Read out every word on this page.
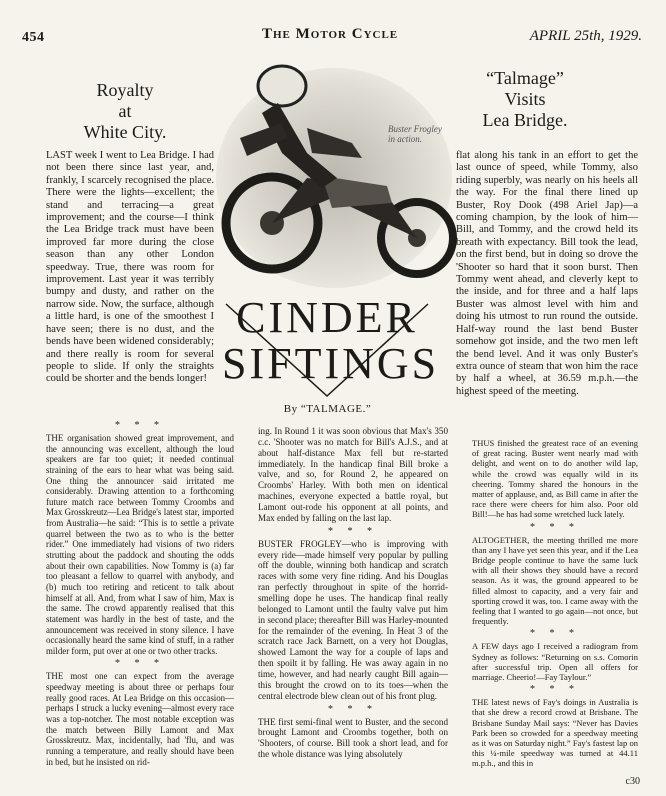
454	The Motor Cycle	APRIL 25th, 1929.
Royalty
at
White City.
“Talmage”
Visits
Lea Bridge.
Buster Frogley
in action.
CINDER
SIFTINGS
By “TALMAGE.”

LAST week I went to Lea Bridge. I had not been there since last year, and, frankly, I scarcely recognised the place. There were the lights—excellent; the stand and terracing—a great improvement; and the course—I think the Lea Bridge track must have been improved far more during the close season than any other London speedway. True, there was room for improvement. Last year it was terribly bumpy and dusty, and rather on the narrow side. Now, the surface, although a little hard, is one of the smoothest I have seen; there is no dust, and the bends have been widened considerably; and there really is room for several people to slide. If only the straights could be shorter and the bends longer!

* * *

THE organisation showed great improvement, and the announcing was excellent, although the loud speakers are far too quiet; it needed continual straining of the ears to hear what was being said. One thing the announcer said irritated me considerably. Drawing attention to a forthcoming future match race between Tommy Croombs and Max Grosskreutz—Lea Bridge's latest star, imported from Australia—he said: “This is to settle a private quarrel between the two as to who is the better rider.” One immediately had visions of two riders strutting about the paddock and shouting the odds about their own capabilities. Now Tommy is (a) far too pleasant a fellow to quarrel with anybody, and (b) much too retiring and reticent to talk about himself at all. And, from what I saw of him, Max is the same. The crowd apparently realised that this statement was hardly in the best of taste, and the announcement was received in stony silence. I have occasionally heard the same kind of stuff, in a rather milder form, put over at one or two other tracks.

* * *

THE most one can expect from the average speedway meeting is about three or perhaps four really good races. At Lea Bridge on this occasion—perhaps I struck a lucky evening—almost every race was a top-notcher. The most notable exception was the match between Billy Lamont and Max Grosskreutz. Max, incidentally, had 'flu, and was running a temperature, and really should have been in bed, but he insisted on rid-

ing. In Round 1 it was soon obvious that Max's 350 c.c. 'Shooter was no match for Bill's A.J.S., and at about half-distance Max fell but re-started immediately. In the handicap final Bill broke a valve, and so, for Round 2, he appeared on Croombs' Harley. With both men on identical machines, everyone expected a battle royal, but Lamont out-rode his opponent at all points, and Max ended by falling on the last lap.

* * *

BUSTER FROGLEY—who is improving with every ride—made himself very popular by pulling off the double, winning both handicap and scratch races with some very fine riding. And his Douglas ran perfectly throughout in spite of the horrid-smelling dope he uses. The handicap final really belonged to Lamont until the faulty valve put him in second place; thereafter Bill was Harley-mounted for the remainder of the evening. In Heat 3 of the scratch race Jack Barnett, on a very hot Douglas, showed Lamont the way for a couple of laps and then spoilt it by falling. He was away again in no time, however, and had nearly caught Bill again—this brought the crowd on to its toes—when the central electrode blew clean out of his front plug.

* * *

THE first semi-final went to Buster, and the second brought Lamont and Croombs together, both on 'Shooters, of course. Bill took a short lead, and for the whole distance was lying absolutely

flat along his tank in an effort to get the last ounce of speed, while Tommy, also riding superbly, was nearly on his heels all the way. For the final there lined up Buster, Roy Dook (498 Ariel Jap)—a coming champion, by the look of him—Bill, and Tommy, and the crowd held its breath with expectancy. Bill took the lead, on the first bend, but in doing so drove the 'Shooter so hard that it soon burst. Then Tommy went ahead, and cleverly kept to the inside, and for three and a half laps Buster was almost level with him and doing his utmost to run round the outside. Half-way round the last bend Buster somehow got inside, and the two men left the bend level. And it was only Buster's extra ounce of steam that won him the race by half a wheel, at 36.59 m.p.h.—the highest speed of the meeting.

THUS finished the greatest race of an evening of great racing. Buster went nearly mad with delight, and went on to do another wild lap, while the crowd was equally wild in its cheering. Tommy shared the honours in the matter of applause, and, as Bill came in after the race there were cheers for him also. Poor old Bill!—he has had some wretched luck lately.

* * *

ALTOGETHER, the meeting thrilled me more than any I have yet seen this year, and if the Lea Bridge people continue to have the same luck with all their shows they should have a record season. As it was, the ground appeared to be filled almost to capacity, and a very fair and sporting crowd it was, too. I came away with the feeling that I wanted to go again—not once, but frequently.

* * *

A FEW days ago I received a radiogram from Sydney as follows: “Returning on s.s. Comorin after successful trip. Open all offers for marriage. Cheerio!—Fay Taylour.”

* * *

THE latest news of Fay's doings in Australia is that she drew a record crowd at Brisbane. The Brisbane Sunday Mail says: “Never has Davies Park been so crowded for a speedway meeting as it was on Saturday night.” Fay's fastest lap on this ¼-mile speedway was turned at 44.11 m.p.h., and this in

c30
